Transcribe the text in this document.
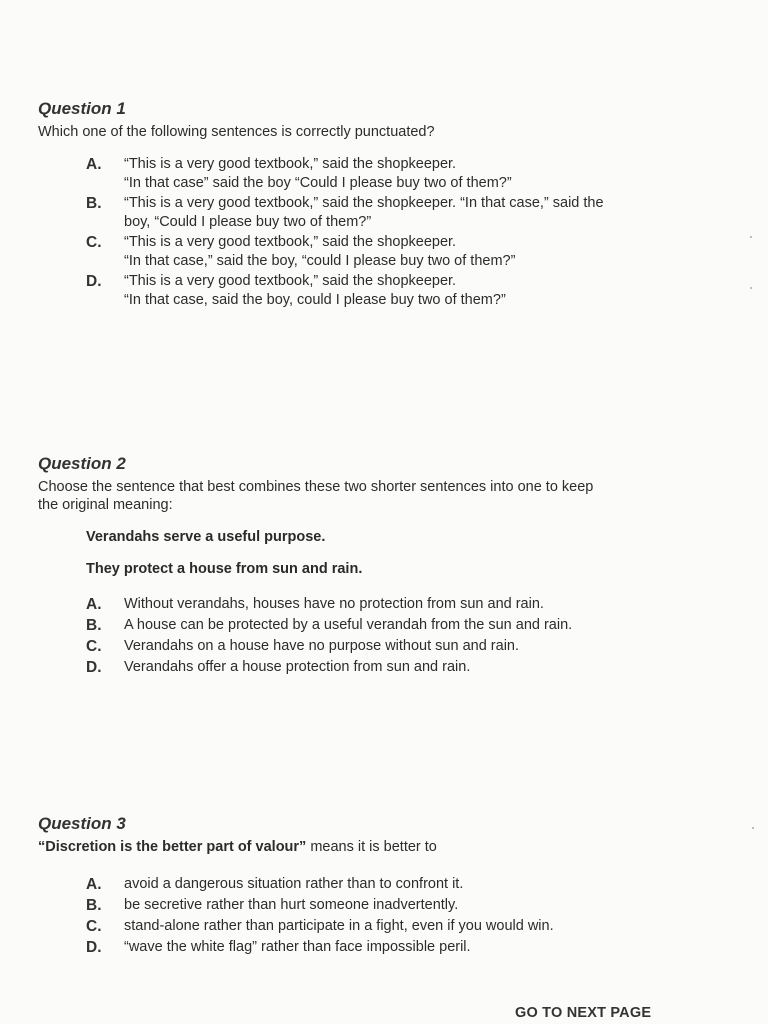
Question 1

Which one of the following sentences is correctly punctuated?

A.	“This is a very good textbook,” said the shopkeeper.
“In that case” said the boy “Could I please buy two of them?”
B.	“This is a very good textbook,” said the shopkeeper. “In that case,” said the
boy, “Could I please buy two of them?”
C.	“This is a very good textbook,” said the shopkeeper.
“In that case,” said the boy, “could I please buy two of them?”
D.	“This is a very good textbook,” said the shopkeeper.
“In that case, said the boy, could I please buy two of them?”
Question 2

Choose the sentence that best combines these two shorter sentences into one to keep
the original meaning:

Verandahs serve a useful purpose.

They protect a house from sun and rain.

A.	Without verandahs, houses have no protection from sun and rain.
B.	A house can be protected by a useful verandah from the sun and rain.
C.	Verandahs on a house have no purpose without sun and rain.
D.	Verandahs offer a house protection from sun and rain.
Question 3

“Discretion is the better part of valour” means it is better to

A.	avoid a dangerous situation rather than to confront it.
B.	be secretive rather than hurt someone inadvertently.
C.	stand-alone rather than participate in a fight, even if you would win.
D.	“wave the white flag” rather than face impossible peril.
GO TO NEXT PAGE
